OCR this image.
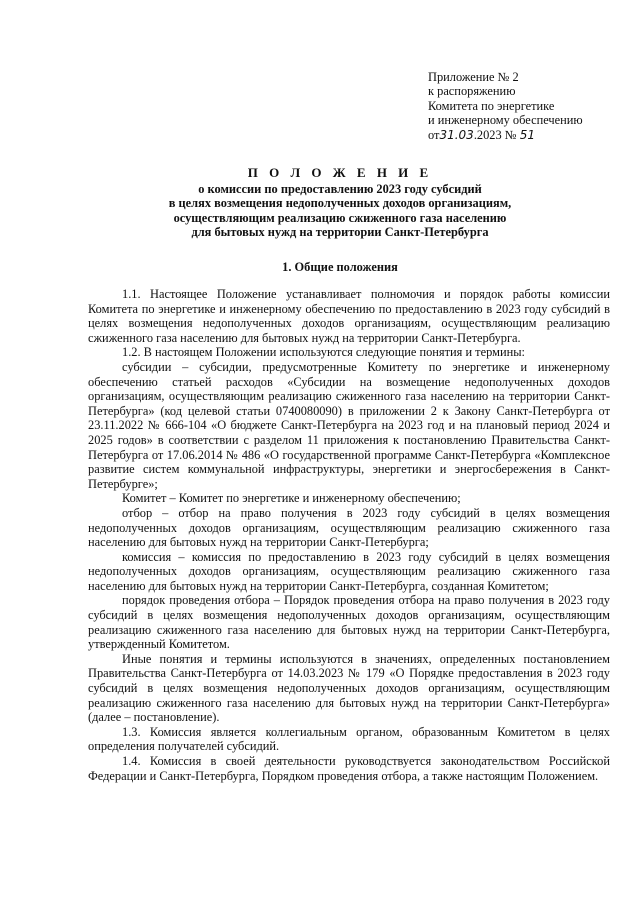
Приложение № 2
к распоряжению
Комитета по энергетике
и инженерному обеспечению
от31.03.2023 № 51
П О Л О Ж Е Н И Е
о комиссии по предоставлению 2023 году субсидий
в целях возмещения недополученных доходов организациям,
осуществляющим реализацию сжиженного газа населению
для бытовых нужд на территории Санкт-Петербурга
1. Общие положения

1.1. Настоящее Положение устанавливает полномочия и порядок работы комиссии Комитета по энергетике и инженерному обеспечению по предоставлению в 2023 году субсидий в целях возмещения недополученных доходов организациям, осуществляющим реализацию сжиженного газа населению для бытовых нужд на территории Санкт-Петербурга.

1.2. В настоящем Положении используются следующие понятия и термины:

субсидии – субсидии, предусмотренные Комитету по энергетике и инженерному обеспечению статьей расходов «Субсидии на возмещение недополученных доходов организациям, осуществляющим реализацию сжиженного газа населению на территории Санкт-Петербурга» (код целевой статьи 0740080090) в приложении 2 к Закону Санкт-Петербурга от 23.11.2022 № 666-104 «О бюджете Санкт-Петербурга на 2023 год и на плановый период 2024 и 2025 годов» в соответствии с разделом 11 приложения к постановлению Правительства Санкт-Петербурга от 17.06.2014 № 486 «О государственной программе Санкт-Петербурга «Комплексное развитие систем коммунальной инфраструктуры, энергетики и энергосбережения в Санкт-Петербурге»;

Комитет – Комитет по энергетике и инженерному обеспечению;

отбор – отбор на право получения в 2023 году субсидий в целях возмещения недополученных доходов организациям, осуществляющим реализацию сжиженного газа населению для бытовых нужд на территории Санкт-Петербурга;

комиссия – комиссия по предоставлению в 2023 году субсидий в целях возмещения недополученных доходов организациям, осуществляющим реализацию сжиженного газа населению для бытовых нужд на территории Санкт-Петербурга, созданная Комитетом;

порядок проведения отбора – Порядок проведения отбора на право получения в 2023 году субсидий в целях возмещения недополученных доходов организациям, осуществляющим реализацию сжиженного газа населению для бытовых нужд на территории Санкт-Петербурга, утвержденный Комитетом.

Иные понятия и термины используются в значениях, определенных постановлением Правительства Санкт-Петербурга от 14.03.2023 № 179 «О Порядке предоставления в 2023 году субсидий в целях возмещения недополученных доходов организациям, осуществляющим реализацию сжиженного газа населению для бытовых нужд на территории Санкт-Петербурга» (далее – постановление).

1.3. Комиссия является коллегиальным органом, образованным Комитетом в целях определения получателей субсидий.

1.4. Комиссия в своей деятельности руководствуется законодательством Российской Федерации и Санкт-Петербурга, Порядком проведения отбора, а также настоящим Положением.
